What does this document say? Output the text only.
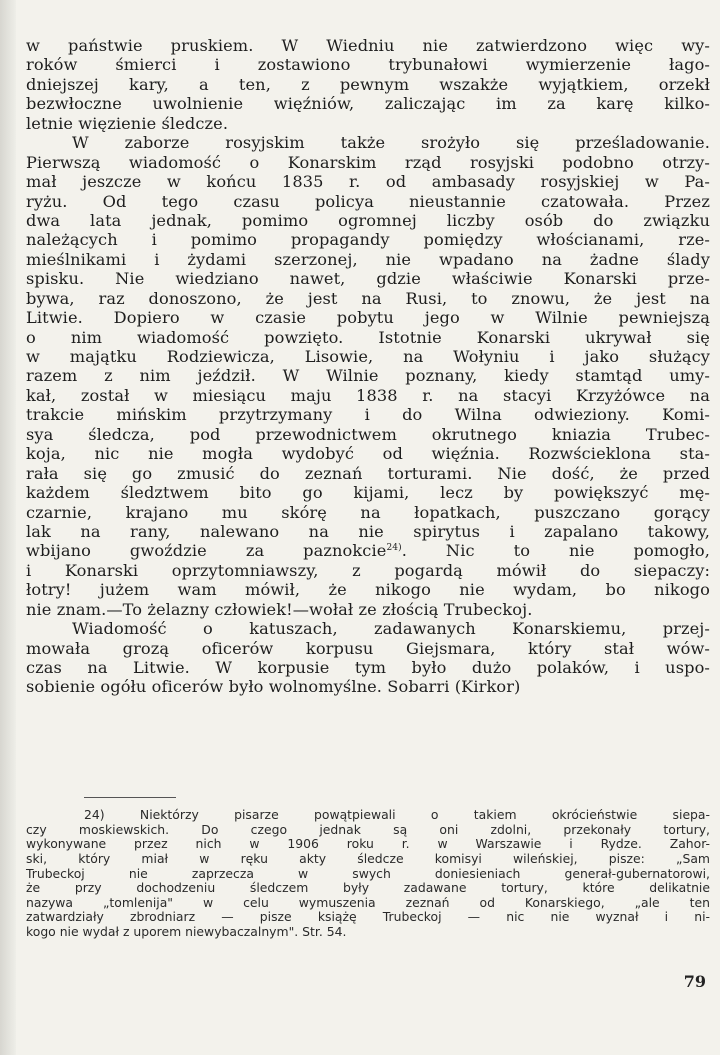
w państwie pruskiem. W Wiedniu nie zatwierdzono więc wy-
roków śmierci i zostawiono trybunałowi wymierzenie łago-
dniejszej kary, a ten, z pewnym wszakże wyjątkiem, orzekł
bezwłoczne uwolnienie więźniów, zaliczając im za karę kilko-
letnie więzienie śledcze.
W zaborze rosyjskim także srożyło się prześladowanie.
Pierwszą wiadomość o Konarskim rząd rosyjski podobno otrzy-
mał jeszcze w końcu 1835 r. od ambasady rosyjskiej w Pa-
ryżu. Od tego czasu policya nieustannie czatowała. Przez
dwa lata jednak, pomimo ogromnej liczby osób do związku
należących i pomimo propagandy pomiędzy włościanami, rze-
mieślnikami i żydami szerzonej, nie wpadano na żadne ślady
spisku. Nie wiedziano nawet, gdzie właściwie Konarski prze-
bywa, raz donoszono, że jest na Rusi, to znowu, że jest na
Litwie. Dopiero w czasie pobytu jego w Wilnie pewniejszą
o nim wiadomość powzięto. Istotnie Konarski ukrywał się
w majątku Rodziewicza, Lisowie, na Wołyniu i jako służący
razem z nim jeździł. W Wilnie poznany, kiedy stamtąd umy-
kał, został w miesiącu maju 1838 r. na stacyi Krzyżówce na
trakcie mińskim przytrzymany i do Wilna odwieziony. Komi-
sya śledcza, pod przewodnictwem okrutnego kniazia Trubec-
koja, nic nie mogła wydobyć od więźnia. Rozwścieklona sta-
rała się go zmusić do zeznań torturami. Nie dość, że przed
każdem śledztwem bito go kijami, lecz by powiększyć mę-
czarnie, krajano mu skórę na łopatkach, puszczano gorący
lak na rany, nalewano na nie spirytus i zapalano takowy,
wbijano gwoździe za paznokcie$^{24)}$. Nic to nie pomogło,
i Konarski oprzytomniawszy, z pogardą mówił do siepaczy:
łotry! jużem wam mówił, że nikogo nie wydam, bo nikogo
nie znam.—To żelazny człowiek!—wołał ze złością Trubeckoj.
Wiadomość o katuszach, zadawanych Konarskiemu, przej-
mowała grozą oficerów korpusu Giejsmara, który stał wów-
czas na Litwie. W korpusie tym było dużo polaków, i uspo-
sobienie ogółu oficerów było wolnomyślne. Sobarri (Kirkor)
24)	Niektórzy pisarze powątpiewali o takiem okrócieństwie siepa-
czy moskiewskich. Do czego jednak są oni zdolni, przekonały tortury,
wykonywane przez nich w 1906 roku r. w Warszawie i Rydze. Zahor-
ski, który miał w ręku akty śledcze komisyi wileńskiej, pisze: „Sam
Trubeckoj nie zaprzecza w swych doniesieniach generał-gubernatorowi,
że przy dochodzeniu śledczem były zadawane tortury, które delikatnie
nazywa „tomlenija" w celu wymuszenia zeznań od Konarskiego, „ale ten
zatwardziały zbrodniarz — pisze książę Trubeckoj — nic nie wyznał i ni-
kogo nie wydał z uporem niewybaczalnym". Str. 54.
79
